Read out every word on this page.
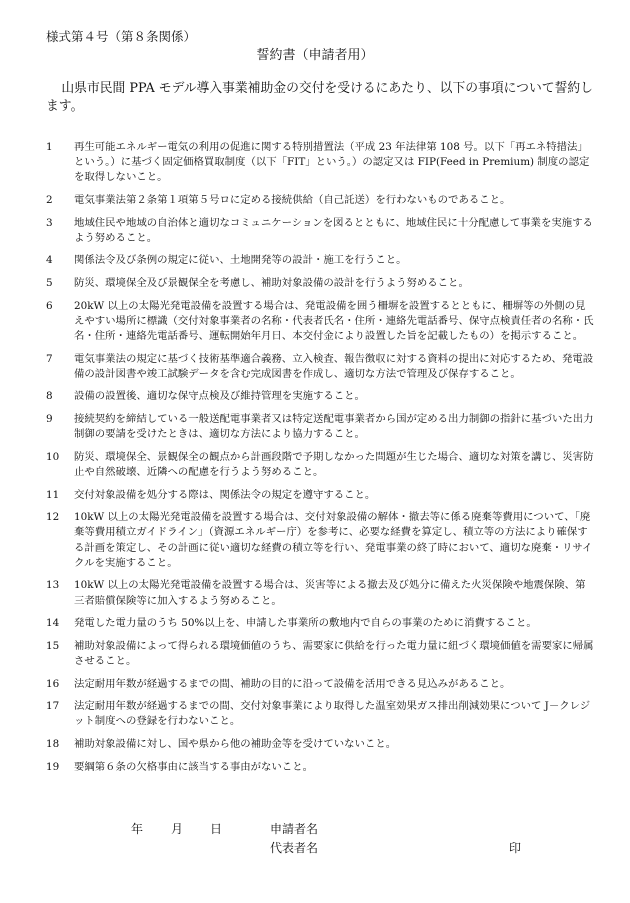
様式第４号（第８条関係）
誓約書（申請者用）

山県市民間 PPA モデル導入事業補助金の交付を受けるにあたり、以下の事項について誓約します。

1	再生可能エネルギー電気の利用の促進に関する特別措置法（平成 23 年法律第 108 号。以下「再エネ特措法」という。）に基づく固定価格買取制度（以下「FIT」という。）の認定又は FIP(Feed in Premium) 制度の認定を取得しないこと。
2	電気事業法第２条第１項第５号ロに定める接続供給（自己託送）を行わないものであること。
3	地域住民や地域の自治体と適切なコミュニケーションを図るとともに、地域住民に十分配慮して事業を実施するよう努めること。
4	関係法令及び条例の規定に従い、土地開発等の設計・施工を行うこと。
5	防災、環境保全及び景観保全を考慮し、補助対象設備の設計を行うよう努めること。
6	20kW 以上の太陽光発電設備を設置する場合は、発電設備を囲う柵塀を設置するとともに、柵塀等の外側の見えやすい場所に標識（交付対象事業者の名称・代表者氏名・住所・連絡先電話番号、保守点検責任者の名称・氏名・住所・連絡先電話番号、運転開始年月日、本交付金により設置した旨を記載したもの）を掲示すること。
7	電気事業法の規定に基づく技術基準適合義務、立入検査、報告徴収に対する資料の提出に対応するため、発電設備の設計図書や竣工試験データを含む完成図書を作成し、適切な方法で管理及び保存すること。
8	設備の設置後、適切な保守点検及び維持管理を実施すること。
9	接続契約を締結している一般送配電事業者又は特定送配電事業者から国が定める出力制御の指針に基づいた出力制御の要請を受けたときは、適切な方法により協力すること。
10	防災、環境保全、景観保全の観点から計画段階で予期しなかった問題が生じた場合、適切な対策を講じ、災害防止や自然破壊、近隣への配慮を行うよう努めること。
11	交付対象設備を処分する際は、関係法令の規定を遵守すること。
12	10kW 以上の太陽光発電設備を設置する場合は、交付対象設備の解体・撤去等に係る廃棄等費用について、「廃棄等費用積立ガイドライン」（資源エネルギー庁）を参考に、必要な経費を算定し、積立等の方法により確保する計画を策定し、その計画に従い適切な経費の積立等を行い、発電事業の終了時において、適切な廃棄・リサイクルを実施すること。
13	10kW 以上の太陽光発電設備を設置する場合は、災害等による撤去及び処分に備えた火災保険や地震保険、第三者賠償保険等に加入するよう努めること。
14	発電した電力量のうち 50%以上を、申請した事業所の敷地内で自らの事業のために消費すること。
15	補助対象設備によって得られる環境価値のうち、需要家に供給を行った電力量に紐づく環境価値を需要家に帰属させること。
16	法定耐用年数が経過するまでの間、補助の目的に沿って設備を活用できる見込みがあること。
17	法定耐用年数が経過するまでの間、交付対象事業により取得した温室効果ガス排出削減効果について J－クレジット制度への登録を行わないこと。
18	補助対象設備に対し、国や県から他の補助金等を受けていないこと。
19	要綱第６条の欠格事由に該当する事由がないこと。
年 月 日	申請者名
代表者名	印
